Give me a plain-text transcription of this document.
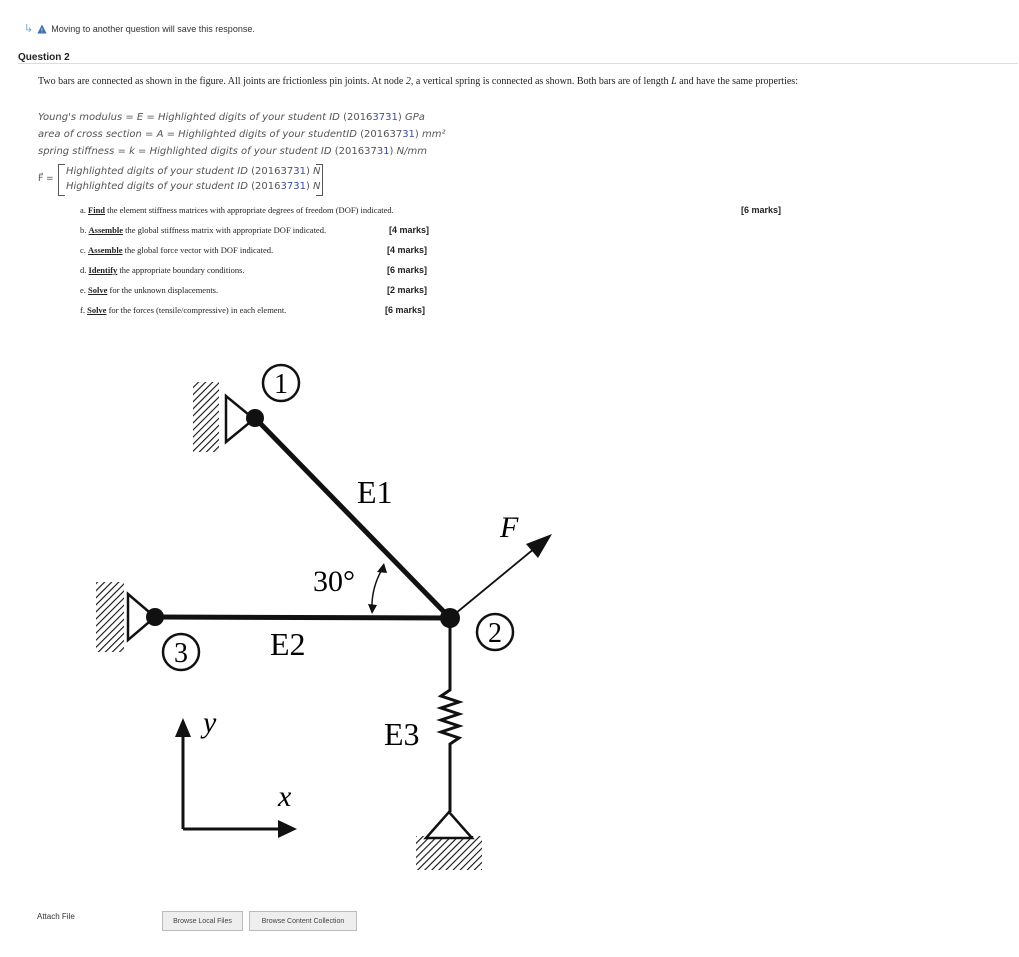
↳ ! Moving to another question will save this response.
Question 2
Two bars are connected as shown in the figure. All joints are frictionless pin joints. At node 2, a vertical spring is connected as shown. Both bars are of length L and have the same properties:
Young's modulus = E = Highlighted digits of your student ID (20163731) GPa
area of cross section = A = Highlighted digits of your studentID (20163731) mm²
spring stiffness = k = Highlighted digits of your student ID (20163731) N/mm
F⃗ =
Highlighted digits of your student ID (20163731) N
Highlighted digits of your student ID (20163731) N
a. Find the element stiffness matrices with appropriate degrees of freedom (DOF) indicated.	[6 marks]
b. Assemble the global stiffness matrix with appropriate DOF indicated.	[4 marks]
c. Assemble the global force vector with DOF indicated.	[4 marks]
d. Identify the appropriate boundary conditions.	[6 marks]
e. Solve for the unknown displacements.	[2 marks]
f. Solve for the forces (tensile/compressive) in each element.	[6 marks]
1
3
2
E1
E2
E3
30°
F
y
x
Attach File	Browse Local Files	Browse Content Collection
